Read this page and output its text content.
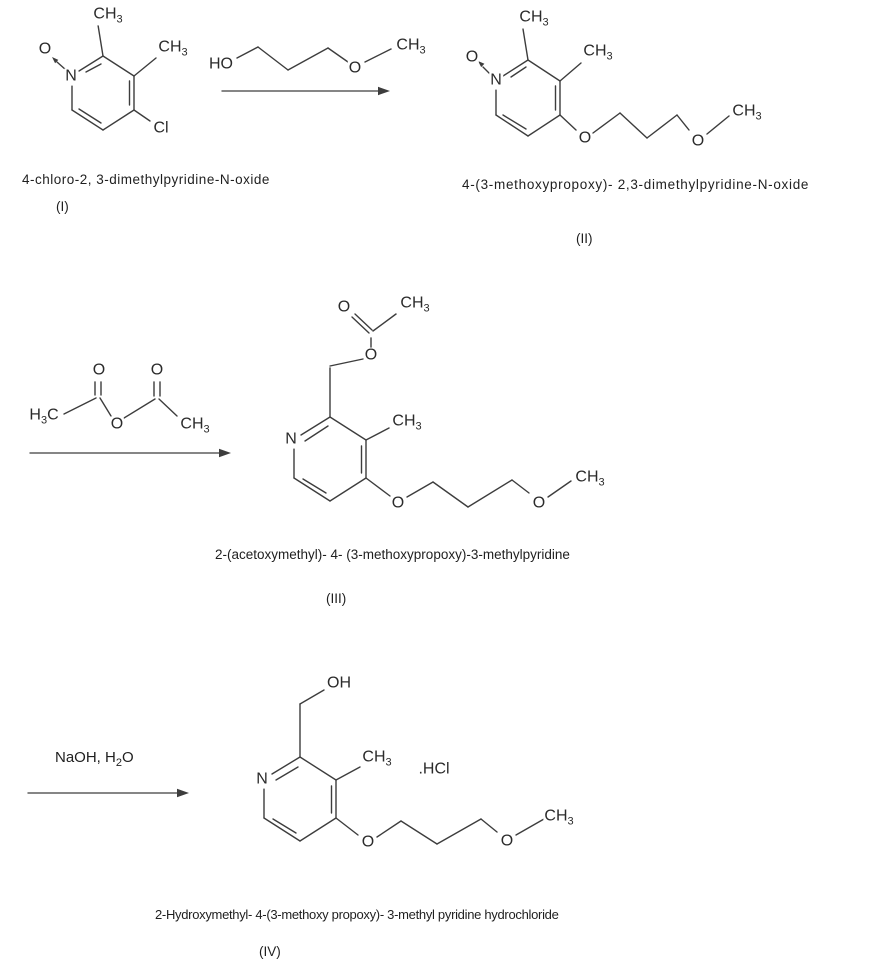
O
N
$CH_3$
$CH_3$
Cl
HO	O
$CH_3$	O
N
$CH_3$
$CH_3$
O	O
$CH_3$
$H_3C$
O
O
O
$CH_3$
O	$CH_3$
O
N
$CH_3$
O	O
$CH_3$
OH
N
$CH_3$ .HCl
O	O
$CH_3$
NaOH, $H_2O$
4-chloro-2, 3-dimethylpyridine-N-oxide
(I)
4-(3-methoxypropoxy)- 2,3-dimethylpyridine-N-oxide
(II)
2-(acetoxymethyl)- 4- (3-methoxypropoxy)-3-methylpyridine
(III)
2-Hydroxymethyl- 4-(3-methoxy propoxy)- 3-methyl pyridine hydrochloride
(IV)
